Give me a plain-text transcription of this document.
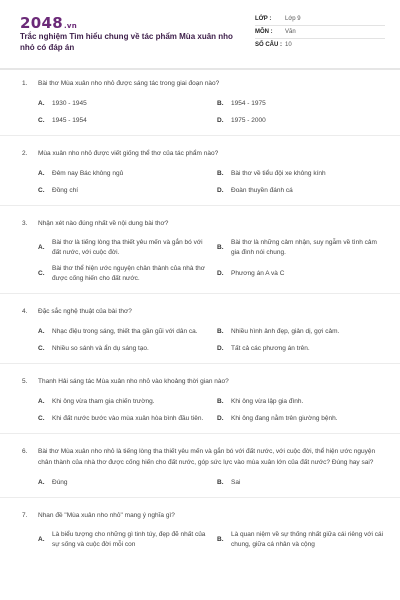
2048.vn
Trắc nghiệm Tìm hiểu chung về tác phẩm Mùa xuân nho nhỏ có đáp án
LỚP :	Lớp 9
MÔN :	Văn
SỐ CÂU : 10
1.	Bài thơ Mùa xuân nho nhỏ được sáng tác trong giai đoạn nào?
A.	1930 - 1945	B.	1954 - 1975
C.	1945 - 1954	D.	1975 - 2000
2.	Mùa xuân nho nhỏ được viết giống thể thơ của tác phẩm nào?
A.	Đêm nay Bác không ngủ	B.	Bài thơ về tiểu đội xe không kính
C.	Đồng chí	D.	Đoàn thuyền đánh cá
3.	Nhận xét nào đúng nhất về nội dung bài thơ?
A.
Bài thơ là tiếng lòng tha thiết yêu mến và gắn bó với đất nước, với cuộc đời.
B.
Bài thơ là những cảm nhận, suy ngẫm về tình cảm gia đình nói chung.
C.
Bài thơ thể hiện ước nguyện chân thành của nhà thơ được cống hiến cho đất nước.
D.	Phương án A và C
4.	Đặc sắc nghệ thuật của bài thơ?
A.	Nhạc điệu trong sáng, thiết tha gần gũi với dân ca.	B.	Nhiều hình ảnh đẹp, giản dị, gợi cảm.
C.	Nhiều so sánh và ẩn dụ sáng tạo.	D.	Tất cả các phương án trên.
5.	Thanh Hải sáng tác Mùa xuân nho nhỏ vào khoảng thời gian nào?
A.	Khi ông vừa tham gia chiến trường.	B.	Khi ông vừa lập gia đình.
C.	Khi đất nước bước vào mùa xuân hòa bình đầu tiên.	D.	Khi ông đang nằm trên giường bệnh.
6.	Bài thơ Mùa xuân nho nhỏ là tiếng lòng tha thiết yêu mến và gắn bó với đất nước, với cuộc đời, thể hiện ước nguyện chân thành của nhà thơ được cống hiến cho đất nước, góp sức lực vào mùa xuân lớn của đất nước? Đúng hay sai?
A.	Đúng	B.	Sai
7.	Nhan đề "Mùa xuân nho nhỏ" mang ý nghĩa gì?
A.
Là biểu tượng cho những gì tinh túy, đẹp đẽ nhất của sự sống và cuộc đời mỗi con
B.
Là quan niệm về sự thống nhất giữa cái riêng với cái chung, giữa cá nhân và cộng
